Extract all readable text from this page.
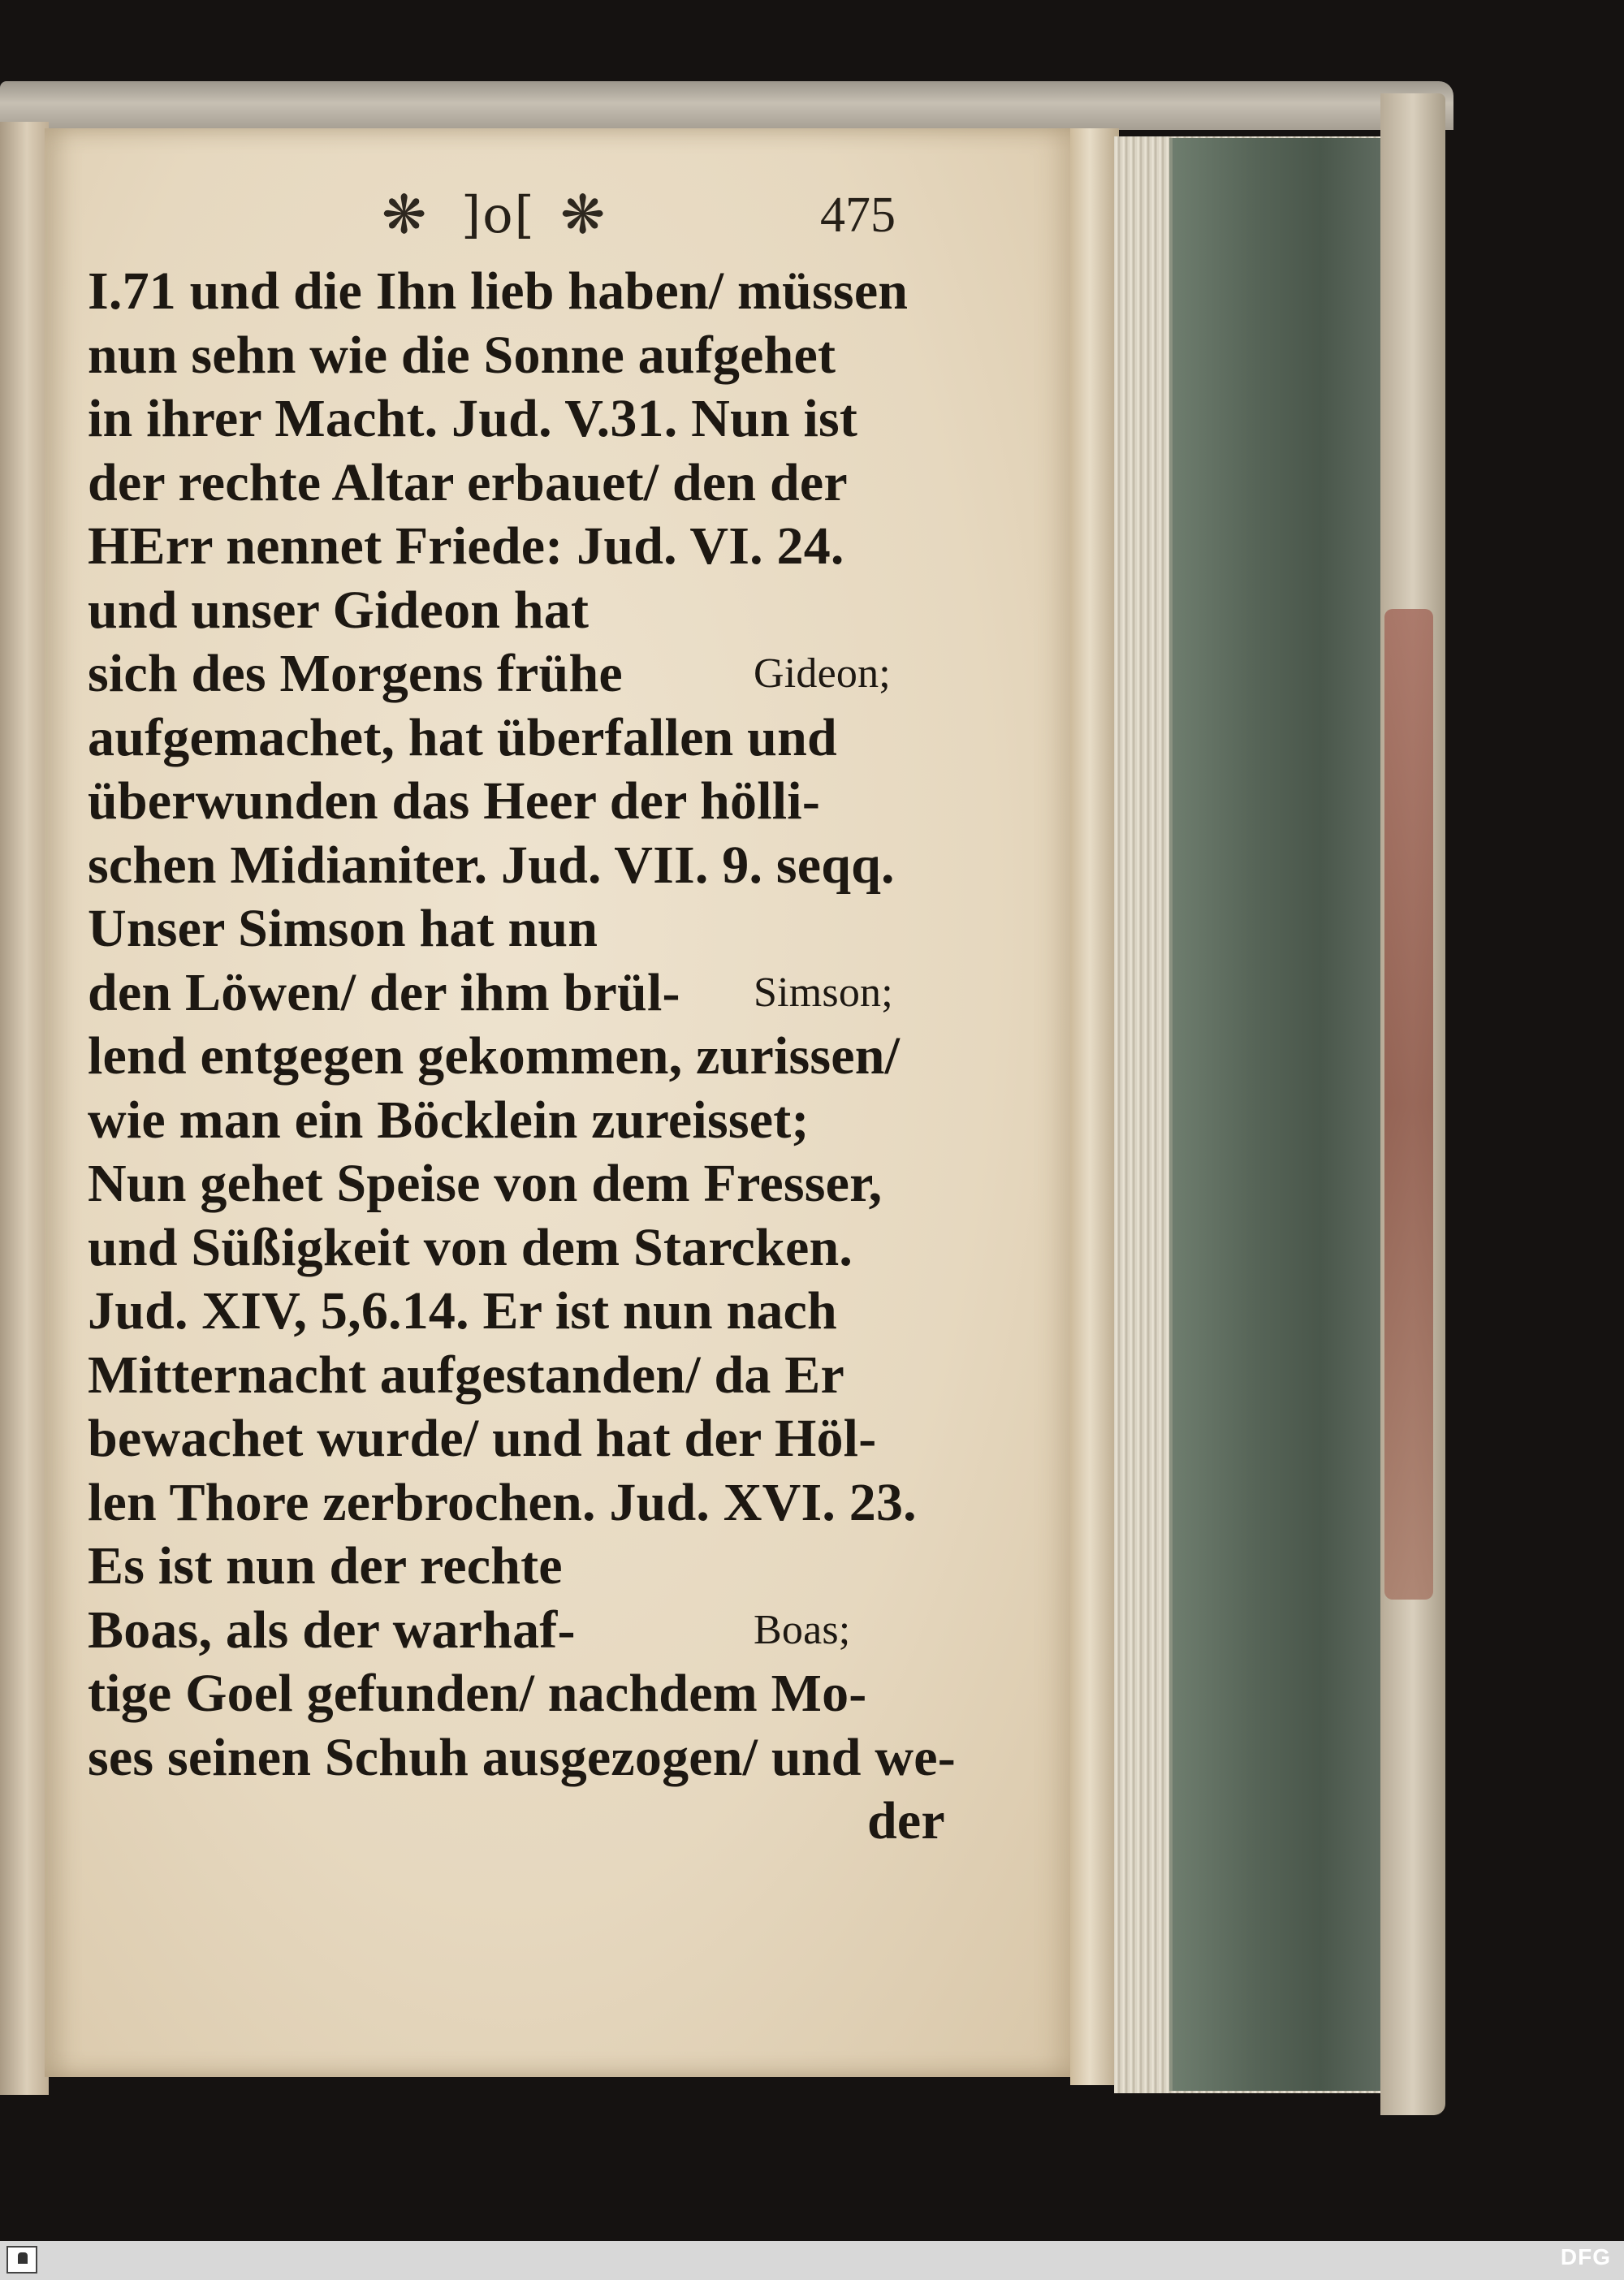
❋ ]o[ ❋	475
I.71 und die Ihn lieb haben/ müssen
nun sehn wie die Sonne aufgehet
in ihrer Macht. Jud. V.31. Nun ist
der rechte Altar erbauet/ den der
HErr nennet Friede: Jud. VI. 24.
und unser Gideon hat
sich des Morgens frühe	Gideon;
aufgemachet, hat überfallen und
überwunden das Heer der hölli-
schen Midianiter. Jud. VII. 9. seqq.
Unser Simson hat nun
den Löwen/ der ihm brül- Simson;
lend entgegen gekommen, zurissen/
wie man ein Böcklein zureisset;
Nun gehet Speise von dem Fresser,
und Süßigkeit von dem Starcken.
Jud. XIV, 5,6.14. Er ist nun nach
Mitternacht aufgestanden/ da Er
bewachet wurde/ und hat der Höl-
len Thore zerbrochen. Jud. XVI. 23.
Es ist nun der rechte
Boas, als der warhaf-	Boas;
tige Goel gefunden/ nachdem Mo-
ses seinen Schuh ausgezogen/ und we-
der
DFG
